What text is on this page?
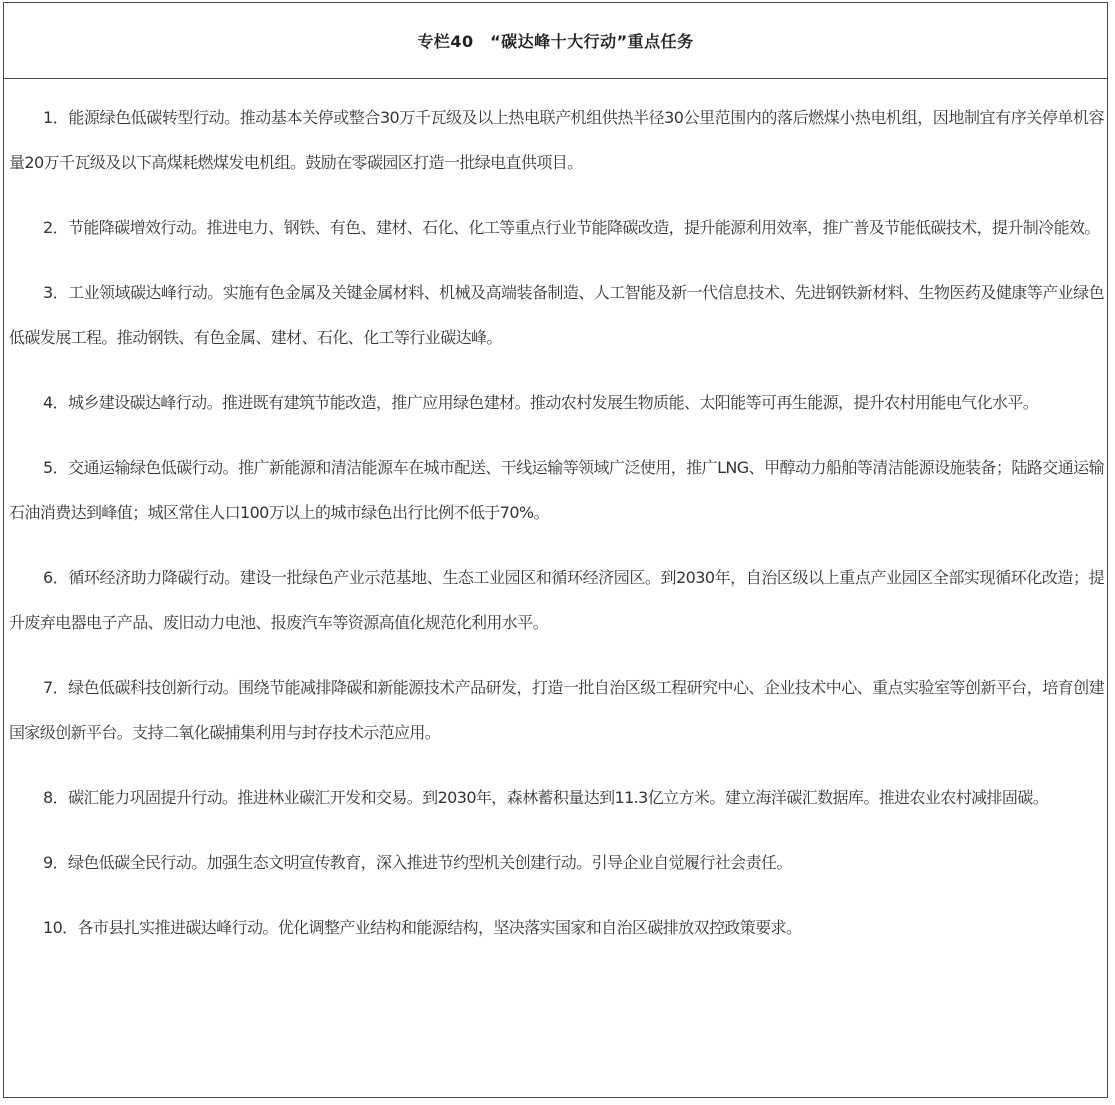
专栏40　“碳达峰十大行动”重点任务

1．能源绿色低碳转型行动。推动基本关停或整合30万千瓦级及以上热电联产机组供热半径30公里范围内的落后燃煤小热电机组，因地制宜有序关停单机容量20万千瓦级及以下高煤耗燃煤发电机组。鼓励在零碳园区打造一批绿电直供项目。

2．节能降碳增效行动。推进电力、钢铁、有色、建材、石化、化工等重点行业节能降碳改造，提升能源利用效率，推广普及节能低碳技术，提升制冷能效。

3．工业领域碳达峰行动。实施有色金属及关键金属材料、机械及高端装备制造、人工智能及新一代信息技术、先进钢铁新材料、生物医药及健康等产业绿色低碳发展工程。推动钢铁、有色金属、建材、石化、化工等行业碳达峰。

4．城乡建设碳达峰行动。推进既有建筑节能改造，推广应用绿色建材。推动农村发展生物质能、太阳能等可再生能源，提升农村用能电气化水平。

5．交通运输绿色低碳行动。推广新能源和清洁能源车在城市配送、干线运输等领域广泛使用，推广LNG、甲醇动力船舶等清洁能源设施装备；陆路交通运输石油消费达到峰值；城区常住人口100万以上的城市绿色出行比例不低于70%。

6．循环经济助力降碳行动。建设一批绿色产业示范基地、生态工业园区和循环经济园区。到2030年，自治区级以上重点产业园区全部实现循环化改造；提升废弃电器电子产品、废旧动力电池、报废汽车等资源高值化规范化利用水平。

7．绿色低碳科技创新行动。围绕节能减排降碳和新能源技术产品研发，打造一批自治区级工程研究中心、企业技术中心、重点实验室等创新平台，培育创建国家级创新平台。支持二氧化碳捕集利用与封存技术示范应用。

8．碳汇能力巩固提升行动。推进林业碳汇开发和交易。到2030年，森林蓄积量达到11.3亿立方米。建立海洋碳汇数据库。推进农业农村减排固碳。

9．绿色低碳全民行动。加强生态文明宣传教育，深入推进节约型机关创建行动。引导企业自觉履行社会责任。

10．各市县扎实推进碳达峰行动。优化调整产业结构和能源结构，坚决落实国家和自治区碳排放双控政策要求。
